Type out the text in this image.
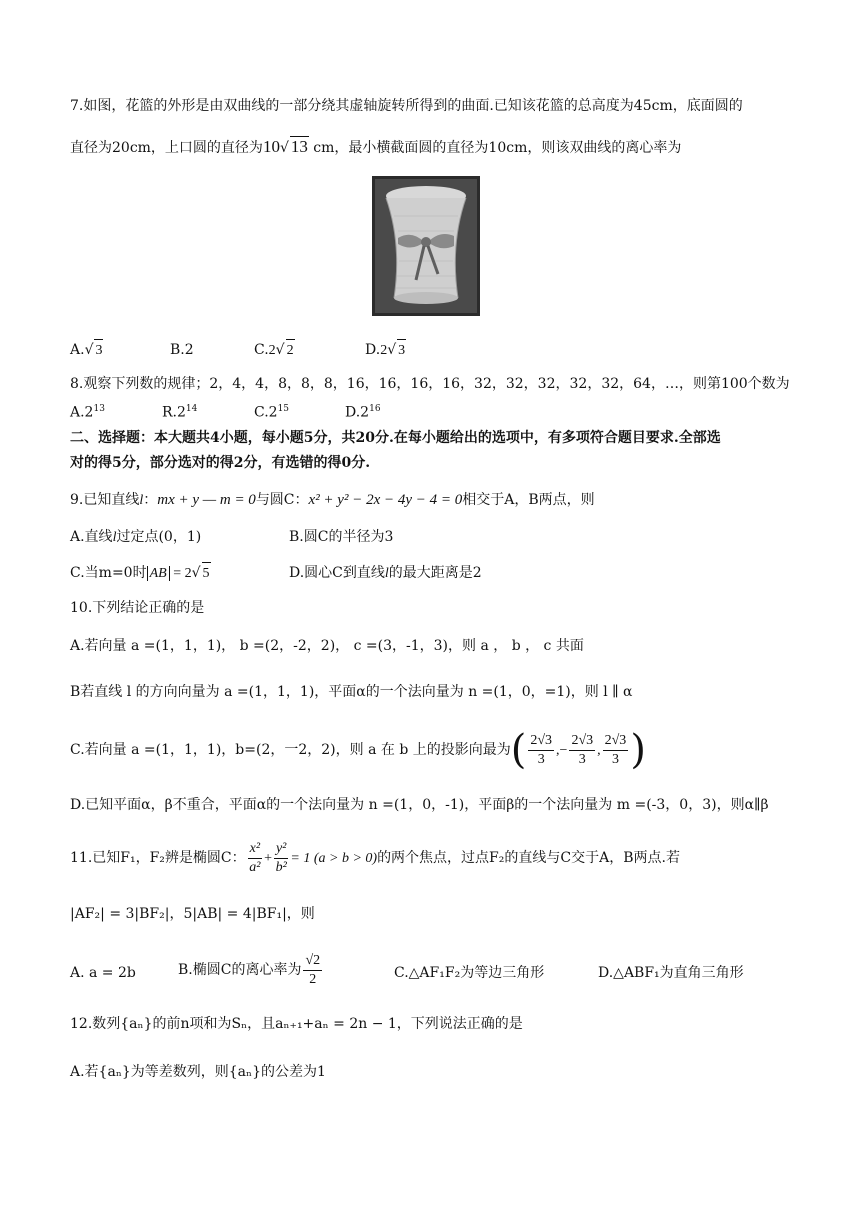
7.如图，花篮的外形是由双曲线的一部分绕其虚轴旋转所得到的曲面.已知该花篮的总高度为45cm，底面圆的
直径为20cm，上口圆的直径为10√ 13 cm，最小横截面圆的直径为10cm，则该双曲线的离心率为
A.√ 3	B.2	C.2√ 2	D.2√ 3
8.观察下列数的规律；2，4，4，8，8，8，16，16，16，16，32，32，32，32，32，64，…，则第100个数为
$A.2^{13}$	$R.2^{14}$	$C.2^{15}$	$D.2^{16}$
二、选择题：本大题共4小题，每小题5分，共20分.在每小题给出的选项中，有多项符合题目要求.全部选
对的得5分，部分选对的得2分，有选错的得0分.
9.已知直线l：mx + y — m = 0与圆C：x² + y² − 2x − 4y − 4 = 0相交于A，B两点，则
A.直线l过定点(0，1)	B.圆C的半径为3
C.当m=0时 AB = 2√ 5	D.圆心C到直线l的最大距离是2
10.下列结论正确的是
A.若向量 a =(1，1，1)， b =(2，-2，2)， c =(3，-1，3)，则 a ， b ， c 共面
B若直线 l 的方向向量为 a =(1，1，1)，平面α的一个法向量为 n =(1，0，=1)，则 l ∥ α
C.若向量 a =(1，1，1)，b=(2，一2，2)，则 a 在 b 上的投影向最为( $\frac{2√3}{3}$ ,− $\frac{2√3}{3}$ , $\frac{2√3}{3}$ )
D.已知平面α，β不重合，平面α的一个法向量为 n =(1，0，-1)，平面β的一个法向量为 m =(-3，0，3)，则α∥β
11.已知F₁，F₂辨是椭圆C： $\frac{\text{x²}}{\text{a²}} + \frac{\text{y²}}{\text{b²}} = 1$ (a > b > 0)的两个焦点，过点F₂的直线与C交于A，B两点.若
|AF₂| = 3|BF₂|，5|AB| = 4|BF₁|，则
A. a = 2b	B.椭圆C的离心率为 $\frac{√2}{2}$	C.△AF₁F₂为等边三角形	D.△ABF₁为直角三角形
12.数列{aₙ}的前n项和为Sₙ，且aₙ₊₁+aₙ = 2n − 1，下列说法正确的是
A.若{aₙ}为等差数列，则{aₙ}的公差为1
